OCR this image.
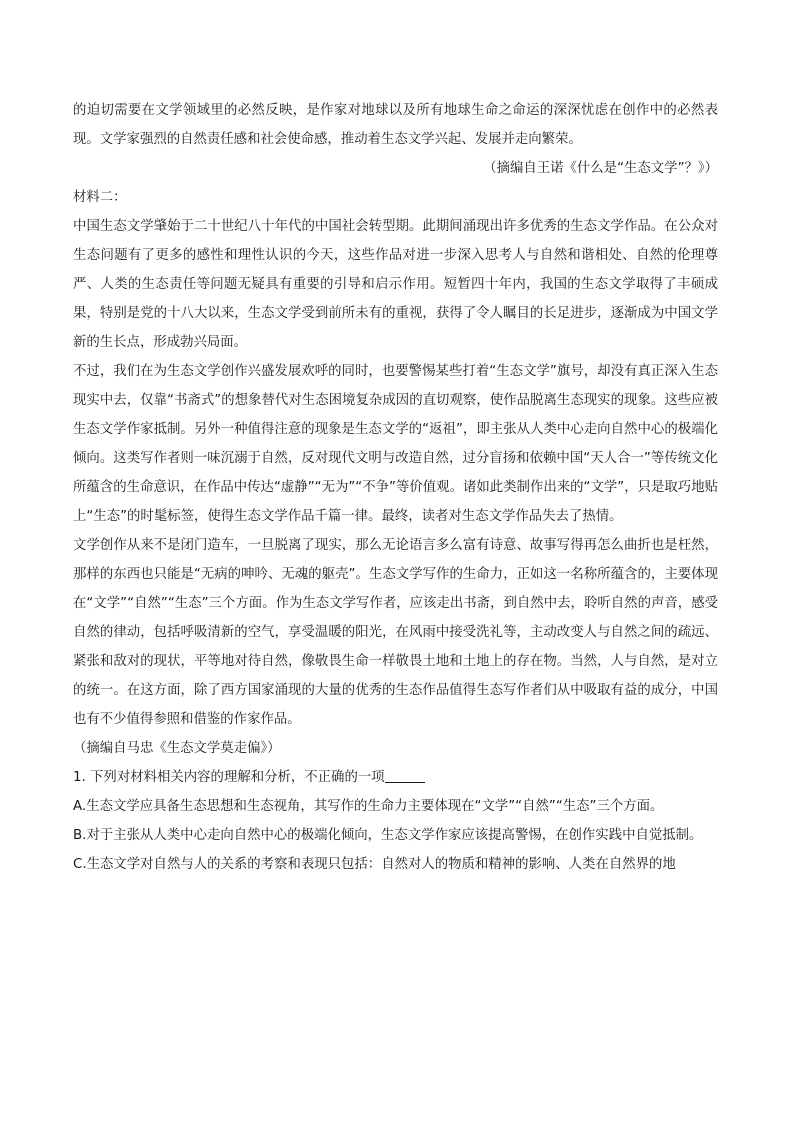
的迫切需要在文学领域里的必然反映，是作家对地球以及所有地球生命之命运的深深忧虑在创作中的必然表现。文学家强烈的自然责任感和社会使命感，推动着生态文学兴起、发展并走向繁荣。

（摘编自王诺《什么是“生态文学”？》）

材料二：

中国生态文学肇始于二十世纪八十年代的中国社会转型期。此期间涌现出许多优秀的生态文学作品。在公众对生态问题有了更多的感性和理性认识的今天，这些作品对进一步深入思考人与自然和谐相处、自然的伦理尊严、人类的生态责任等问题无疑具有重要的引导和启示作用。短暂四十年内，我国的生态文学取得了丰硕成果，特别是党的十八大以来，生态文学受到前所未有的重视，获得了令人瞩目的长足进步，逐渐成为中国文学新的生长点，形成勃兴局面。

不过，我们在为生态文学创作兴盛发展欢呼的同时，也要警惕某些打着“生态文学”旗号，却没有真正深入生态现实中去，仅靠“书斋式”的想象替代对生态困境复杂成因的直切观察，使作品脱离生态现实的现象。这些应被生态文学作家抵制。另外一种值得注意的现象是生态文学的“返祖”，即主张从人类中心走向自然中心的极端化倾向。这类写作者则一味沉溺于自然，反对现代文明与改造自然，过分盲扬和依赖中国“天人合一”等传统文化所蕴含的生命意识，在作品中传达“虚静”“无为”“不争”等价值观。诸如此类制作出来的“文学”，只是取巧地贴上“生态”的时髦标签，使得生态文学作品千篇一律。最终，读者对生态文学作品失去了热情。

文学创作从来不是闭门造车，一旦脱离了现实，那么无论语言多么富有诗意、故事写得再怎么曲折也是枉然，那样的东西也只能是“无病的呻吟、无魂的躯壳”。生态文学写作的生命力，正如这一名称所蕴含的，主要体现在“文学”“自然”“生态”三个方面。作为生态文学写作者，应该走出书斋，到自然中去，聆听自然的声音，感受自然的律动，包括呼吸清新的空气，享受温暖的阳光，在风雨中接受洗礼等，主动改变人与自然之间的疏远、紧张和敌对的现状，平等地对待自然，像敬畏生命一样敬畏土地和土地上的存在物。当然，人与自然，是对立的统一。在这方面，除了西方国家涌现的大量的优秀的生态作品值得生态写作者们从中吸取有益的成分，中国也有不少值得参照和借鉴的作家作品。

（摘编自马忠《生态文学莫走偏》）

1. 下列对材料相关内容的理解和分析，不正确的一项

A.生态文学应具备生态思想和生态视角，其写作的生命力主要体现在“文学”“自然”“生态”三个方面。

B.对于主张从人类中心走向自然中心的极端化倾向，生态文学作家应该提高警惕，在创作实践中自觉抵制。

C.生态文学对自然与人的关系的考察和表现只包括：自然对人的物质和精神的影响、人类在自然界的地
